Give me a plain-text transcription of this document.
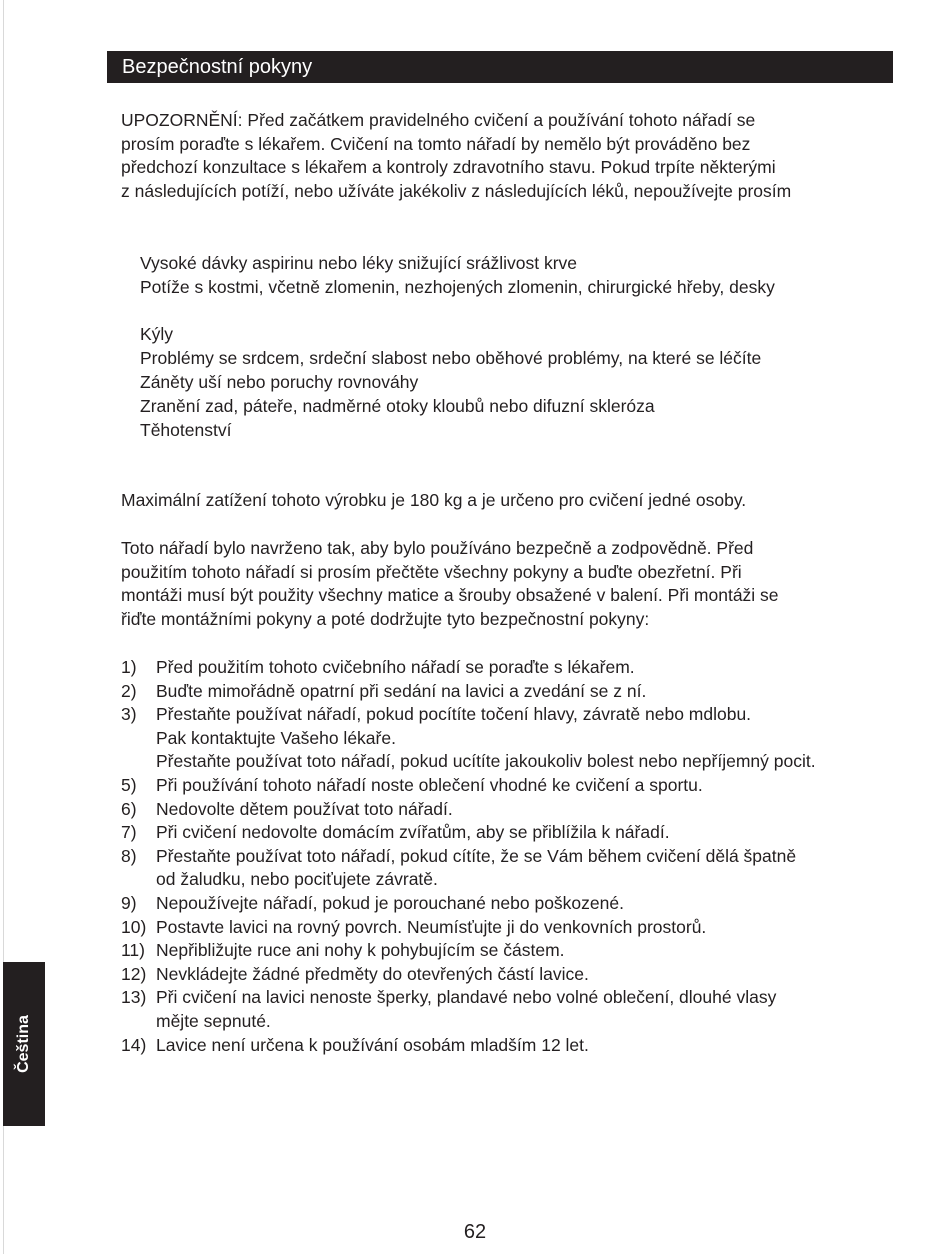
Bezpečnostní pokyny

UPOZORNĚNÍ: Před začátkem pravidelného cvičení a používání tohoto nářadí se
prosím poraďte s lékařem. Cvičení na tomto nářadí by nemělo být prováděno bez
předchozí konzultace s lékařem a kontroly zdravotního stavu. Pokud trpíte některými
z následujících potíží, nebo užíváte jakékoliv z následujících léků, nepoužívejte prosím

Vysoké dávky aspirinu nebo léky snižující srážlivost krve

Potíže s kostmi, včetně zlomenin, nezhojených zlomenin, chirurgické hřeby, desky

Kýly

Problémy se srdcem, srdeční slabost nebo oběhové problémy, na které se léčíte

Záněty uší nebo poruchy rovnováhy

Zranění zad, páteře, nadměrné otoky kloubů nebo difuzní skleróza

Těhotenství

Maximální zatížení tohoto výrobku je 180 kg a je určeno pro cvičení jedné osoby.

Toto nářadí bylo navrženo tak, aby bylo používáno bezpečně a zodpovědně. Před
použitím tohoto nářadí si prosím přečtěte všechny pokyny a buďte obezřetní. Při
montáži musí být použity všechny matice a šrouby obsažené v balení. Při montáži se
řiďte montážními pokyny a poté dodržujte tyto bezpečnostní pokyny:

1) Před použitím tohoto cvičebního nářadí se poraďte s lékařem.
2) Buďte mimořádně opatrní při sedání na lavici a zvedání se z ní.
3) Přestaňte používat nářadí, pokud pocítíte točení hlavy, závratě nebo mdlobu.
Pak kontaktujte Vašeho lékaře.
Přestaňte používat toto nářadí, pokud ucítíte jakoukoliv bolest nebo nepříjemný pocit.
5) Při používání tohoto nářadí noste oblečení vhodné ke cvičení a sportu.
6) Nedovolte dětem používat toto nářadí.
7) Při cvičení nedovolte domácím zvířatům, aby se přiblížila k nářadí.
8) Přestaňte používat toto nářadí, pokud cítíte, že se Vám během cvičení dělá špatně
od žaludku, nebo pociťujete závratě.
9) Nepoužívejte nářadí, pokud je porouchané nebo poškozené.
10) Postavte lavici na rovný povrch. Neumísťujte ji do venkovních prostorů.
11) Nepřibližujte ruce ani nohy k pohybujícím se částem.
12) Nevkládejte žádné předměty do otevřených částí lavice.
13) Při cvičení na lavici nenoste šperky, plandavé nebo volné oblečení, dlouhé vlasy
mějte sepnuté.
14) Lavice není určena k používání osobám mladším 12 let.
Čeština
62
